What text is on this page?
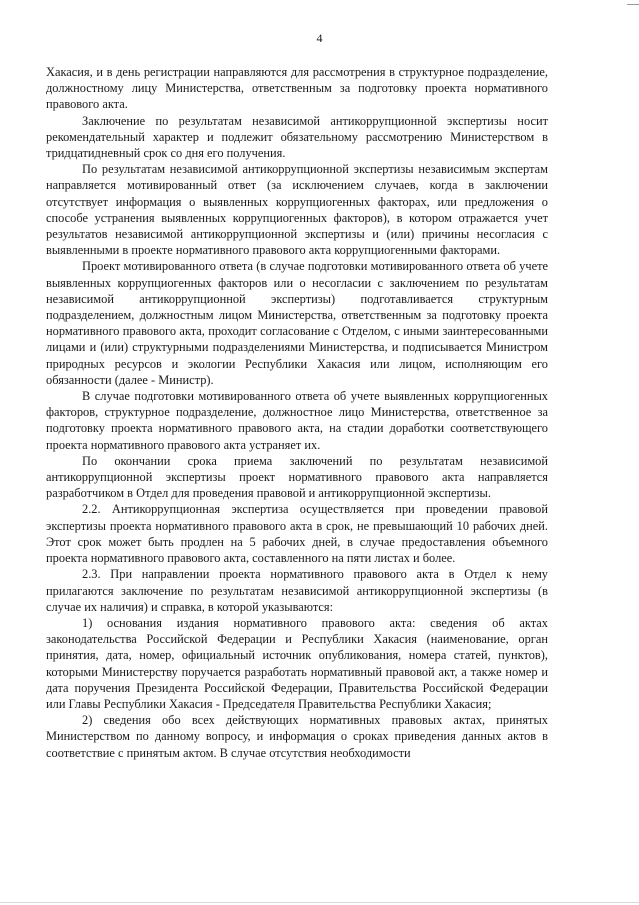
4

Хакасия, и в день регистрации направляются для рассмотрения в структурное подразделение, должностному лицу Министерства, ответственным за подготовку проекта нормативного правового акта.

Заключение по результатам независимой антикоррупционной экспертизы носит рекомендательный характер и подлежит обязательному рассмотрению Министерством в тридцатидневный срок со дня его получения.

По результатам независимой антикоррупционной экспертизы независимым экспертам направляется мотивированный ответ (за исключением случаев, когда в заключении отсутствует информация о выявленных коррупциогенных факторах, или предложения о способе устранения выявленных коррупциогенных факторов), в котором отражается учет результатов независимой антикоррупционной экспертизы и (или) причины несогласия с выявленными в проекте нормативного правового акта коррупциогенными факторами.

Проект мотивированного ответа (в случае подготовки мотивированного ответа об учете выявленных коррупциогенных факторов или о несогласии с заключением по результатам независимой антикоррупционной экспертизы) подготавливается структурным подразделением, должностным лицом Министерства, ответственным за подготовку проекта нормативного правового акта, проходит согласование с Отделом, с иными заинтересованными лицами и (или) структурными подразделениями Министерства, и подписывается Министром природных ресурсов и экологии Республики Хакасия или лицом, исполняющим его обязанности (далее - Министр).

В случае подготовки мотивированного ответа об учете выявленных коррупциогенных факторов, структурное подразделение, должностное лицо Министерства, ответственное за подготовку проекта нормативного правового акта, на стадии доработки соответствующего проекта нормативного правового акта устраняет их.

По окончании срока приема заключений по результатам независимой антикоррупционной экспертизы проект нормативного правового акта направляется разработчиком в Отдел для проведения правовой и антикоррупционной экспертизы.

2.2. Антикоррупционная экспертиза осуществляется при проведении правовой экспертизы проекта нормативного правового акта в срок, не превышающий 10 рабочих дней. Этот срок может быть продлен на 5 рабочих дней, в случае предоставления объемного проекта нормативного правового акта, составленного на пяти листах и более.

2.3. При направлении проекта нормативного правового акта в Отдел к нему прилагаются заключение по результатам независимой антикоррупционной экспертизы (в случае их наличия) и справка, в которой указываются:

1) основания издания нормативного правового акта: сведения об актах законодательства Российской Федерации и Республики Хакасия (наименование, орган принятия, дата, номер, официальный источник опубликования, номера статей, пунктов), которыми Министерству поручается разработать нормативный правовой акт, а также номер и дата поручения Президента Российской Федерации, Правительства Российской Федерации или Главы Республики Хакасия - Председателя Правительства Республики Хакасия;

2) сведения обо всех действующих нормативных правовых актах, принятых Министерством по данному вопросу, и информация о сроках приведения данных актов в соответствие с принятым актом. В случае отсутствия необходимости
